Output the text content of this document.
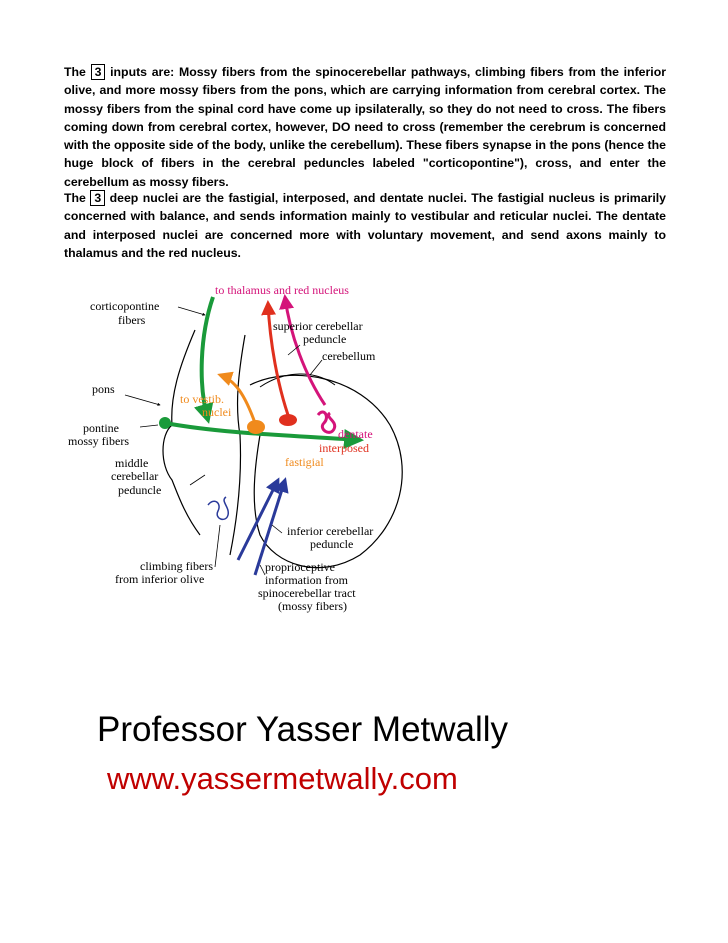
The 3 inputs are: Mossy fibers from the spinocerebellar pathways, climbing fibers from the inferior olive, and more mossy fibers from the pons, which are carrying information from cerebral cortex. The mossy fibers from the spinal cord have come up ipsilaterally, so they do not need to cross. The fibers coming down from cerebral cortex, however, DO need to cross (remember the cerebrum is concerned with the opposite side of the body, unlike the cerebellum). These fibers synapse in the pons (hence the huge block of fibers in the cerebral peduncles labeled "corticopontine"), cross, and enter the cerebellum as mossy fibers.
The 3 deep nuclei are the fastigial, interposed, and dentate nuclei. The fastigial nucleus is primarily concerned with balance, and sends information mainly to vestibular and reticular nuclei. The dentate and interposed nuclei are concerned more with voluntary movement, and send axons mainly to thalamus and the red nucleus.
to thalamus and red nucleus
corticopontine
fibers	superior cerebellar
peduncle
cerebellum
pons
to vestib.
nuclei
pontine
mossy fibers	dentate
interposed
fastigial
middle
cerebellar
peduncle
inferior cerebellar
peduncle
climbing fibers
from inferior olive
proprioceptive
information from
spinocerebellar tract
(mossy fibers)
Professor Yasser Metwally
www.yassermetwally.com
